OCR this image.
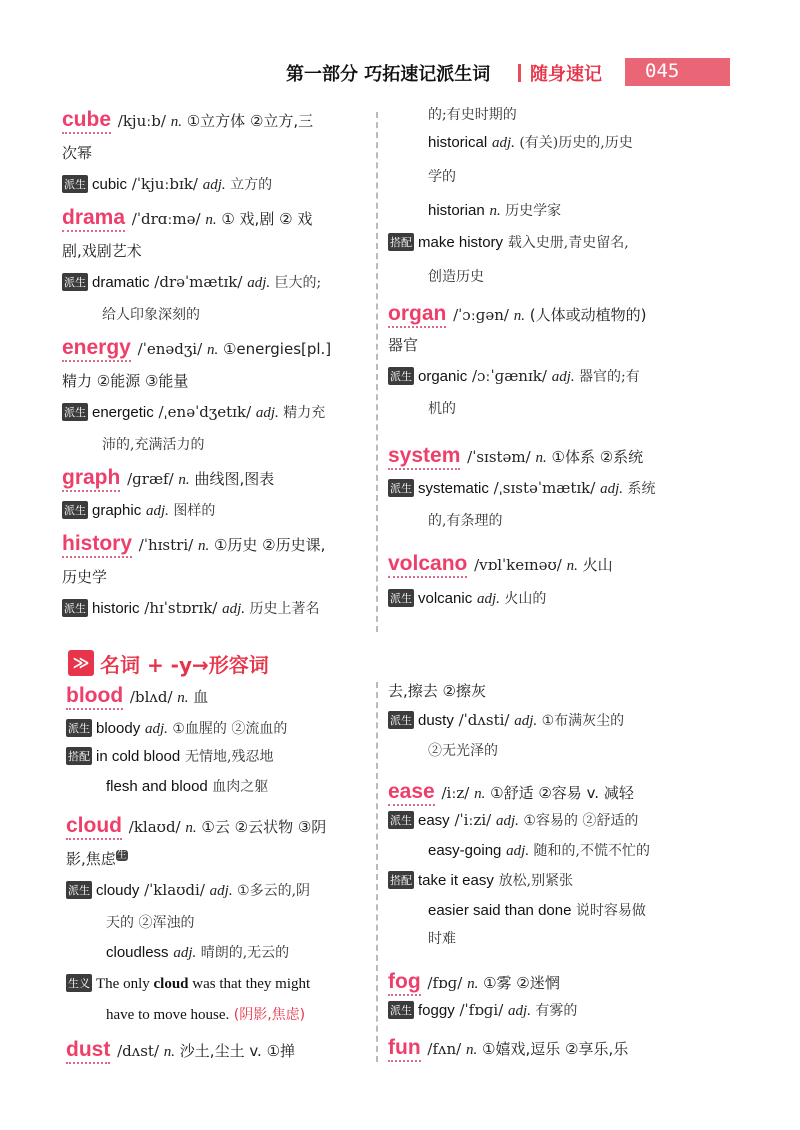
第一部分 巧拓速记派生词 随身速记 045
cube /kjuːb/ n. ①立方体 ②立方,三
次幂
派生 cubic /ˈkjuːbɪk/ adj. 立方的
drama /ˈdrɑːmə/ n. ① 戏,剧 ② 戏
剧,戏剧艺术
派生 dramatic /drəˈmætɪk/ adj. 巨大的;
给人印象深刻的
energy /ˈenədʒi/ n. ①energies[pl.]
精力 ②能源 ③能量
派生 energetic /ˌenəˈdʒetɪk/ adj. 精力充
沛的,充满活力的
graph /ɡræf/ n. 曲线图,图表
派生 graphic adj. 图样的
history /ˈhɪstri/ n. ①历史 ②历史课,
历史学
派生 historic /hɪˈstɒrɪk/ adj. 历史上著名
的;有史时期的
historical adj. (有关)历史的,历史
学的
historian n. 历史学家
搭配 make history 载入史册,青史留名,
创造历史
organ /ˈɔːɡən/ n. (人体或动植物的)
器官
派生 organic /ɔːˈɡænɪk/ adj. 器官的;有
机的
system /ˈsɪstəm/ n. ①体系 ②系统
派生 systematic /ˌsɪstəˈmætɪk/ adj. 系统
的,有条理的
volcano /vɒlˈkeɪnəʊ/ n. 火山
派生 volcanic adj. 火山的
≫ 名词 + -y→形容词
blood /blʌd/ n. 血
派生 bloody adj. ①血腥的 ②流血的
搭配 in cold blood 无情地,残忍地
flesh and blood 血肉之躯
cloud /klaʊd/ n. ①云 ②云状物 ③阴
影,焦虑$^生$
派生 cloudy /ˈklaʊdi/ adj. ①多云的,阴
天的 ②浑浊的
cloudless adj. 晴朗的,无云的
生义 The only cloud was that they might
have to move house. (阴影,焦虑)
dust /dʌst/ n. 沙土,尘土 v. ①掸
去,擦去 ②擦灰
派生 dusty /ˈdʌsti/ adj. ①布满灰尘的
②无光泽的
ease /iːz/ n. ①舒适 ②容易 v. 减轻
派生 easy /ˈiːzi/ adj. ①容易的 ②舒适的
easy-going adj. 随和的,不慌不忙的
搭配 take it easy 放松,别紧张
easier said than done 说时容易做
时难
fog /fɒɡ/ n. ①雾 ②迷惘
派生 foggy /ˈfɒɡi/ adj. 有雾的
fun /fʌn/ n. ①嬉戏,逗乐 ②享乐,乐
